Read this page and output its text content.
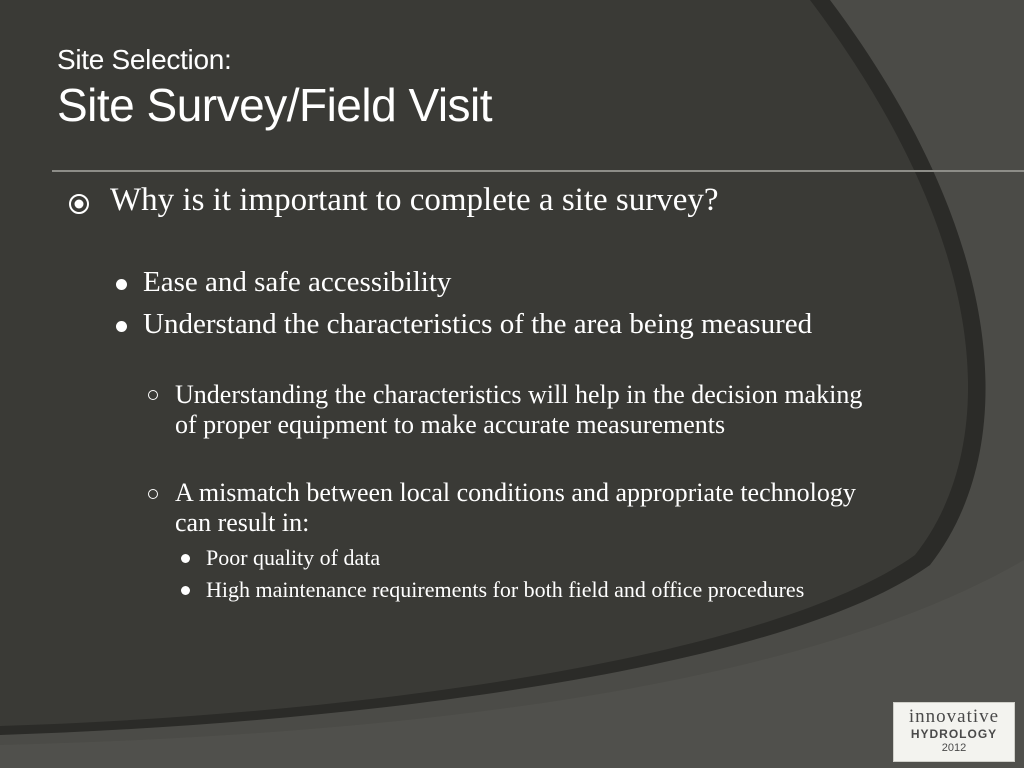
Site Selection:
Site Survey/Field Visit
Why is it important to complete a site survey?
Ease and safe accessibility
Understand the characteristics of the area being measured
Understanding the characteristics will help in the decision making of proper equipment to make accurate measurements
A mismatch between local conditions and appropriate technology can result in:
Poor quality of data
High maintenance requirements for both field and office procedures
innovative
HYDROLOGY
2012
